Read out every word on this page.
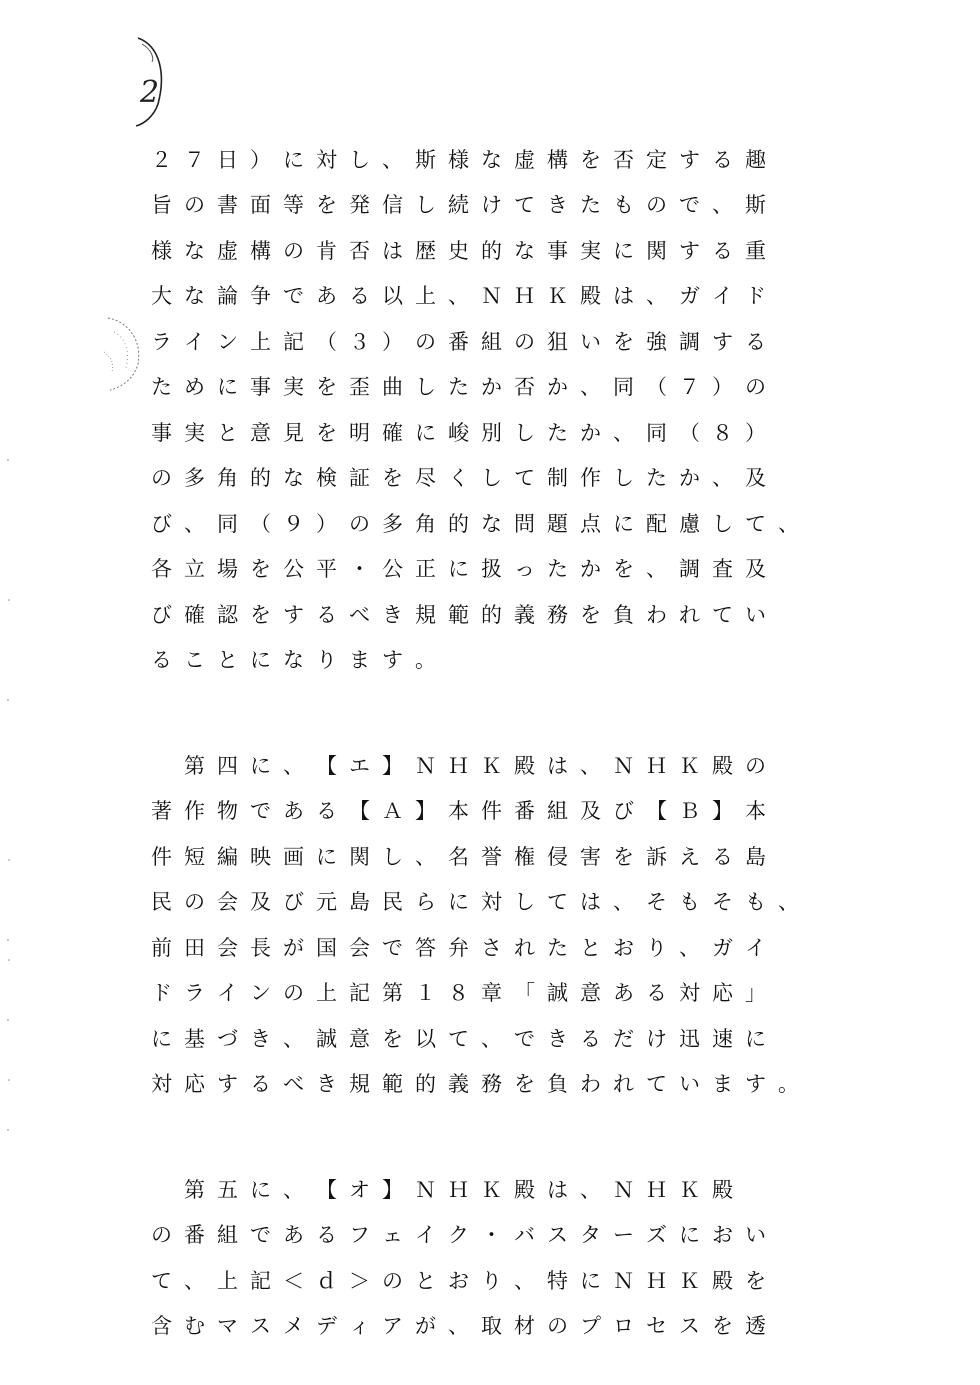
2
２ ７ 日 ） に 対 し 、 斯 様 な 虚 構 を 否 定 す る 趣
旨 の 書 面 等 を 発 信 し 続 け て き た も の で 、 斯
様 な 虚 構 の 肯 否 は 歴 史 的 な 事 実 に 関 す る 重
大 な 論 争 で あ る 以 上 、 Ｎ Ｈ Ｋ 殿 は 、 ガ イ ド
ラ イ ン 上 記 （ ３ ） の 番 組 の 狙 い を 強 調 す る
た め に 事 実 を 歪 曲 し た か 否 か 、 同 （ ７ ） の
事 実 と 意 見 を 明 確 に 峻 別 し た か 、 同 （ ８ ）
の 多 角 的 な 検 証 を 尽 く し て 制 作 し た か 、 及
び 、 同 （ ９ ） の 多 角 的 な 問 題 点 に 配 慮 し て 、
各 立 場 を 公 平 ・ 公 正 に 扱 っ た か を 、 調 査 及
び 確 認 を す る べ き 規 範 的 義 務 を 負 わ れ て い
る こ と に な り ま す 。
第 四 に 、 【 エ 】 Ｎ Ｈ Ｋ 殿 は 、 Ｎ Ｈ Ｋ 殿 の
著 作 物 で あ る 【 Ａ 】 本 件 番 組 及 び 【 Ｂ 】 本
件 短 編 映 画 に 関 し 、 名 誉 権 侵 害 を 訴 え る 島
民 の 会 及 び 元 島 民 ら に 対 し て は 、 そ も そ も 、
前 田 会 長 が 国 会 で 答 弁 さ れ た と お り 、 ガ イ
ド ラ イ ン の 上 記 第 １ ８ 章 「 誠 意 あ る 対 応 」
に 基 づ き 、 誠 意 を 以 て 、 で き る だ け 迅 速 に
対 応 す る べ き 規 範 的 義 務 を 負 わ れ て い ま す 。
第 五 に 、 【 オ 】 Ｎ Ｈ Ｋ 殿 は 、 Ｎ Ｈ Ｋ 殿
の 番 組 で あ る フ ェ イ ク ・ バ ス タ ー ズ に お い
て 、 上 記 ＜ ｄ ＞ の と お り 、 特 に Ｎ Ｈ Ｋ 殿 を
含 む マ ス メ デ ィ ア が 、 取 材 の プ ロ セ ス を 透
